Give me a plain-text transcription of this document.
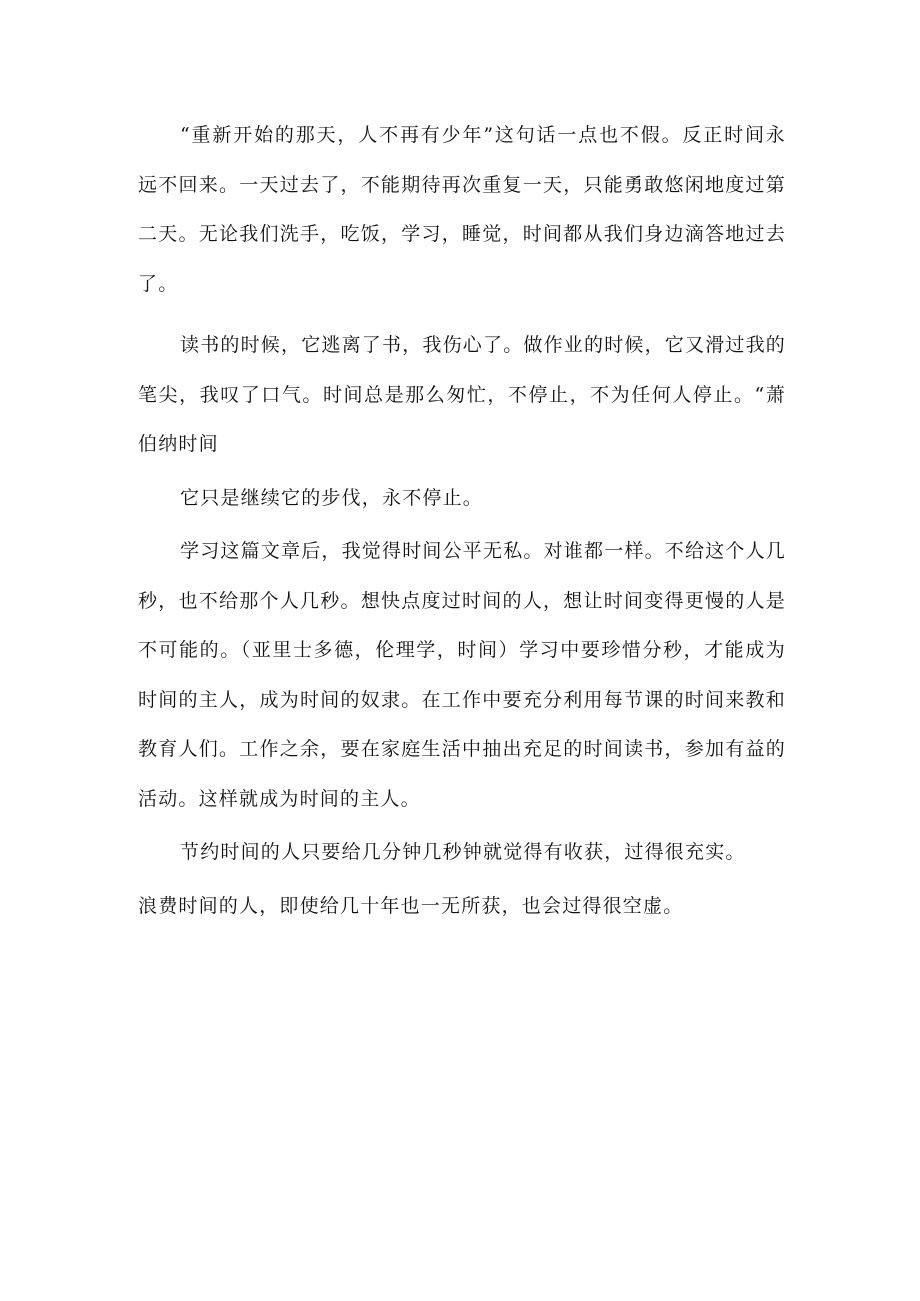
“重新开始的那天，人不再有少年”这句话一点也不假。反正时间永远不回来。一天过去了，不能期待再次重复一天，只能勇敢悠闲地度过第二天。无论我们洗手，吃饭，学习，睡觉，时间都从我们身边滴答地过去了。

读书的时候，它逃离了书，我伤心了。做作业的时候，它又滑过我的笔尖，我叹了口气。时间总是那么匆忙，不停止，不为任何人停止。“萧伯纳时间

它只是继续它的步伐，永不停止。

学习这篇文章后，我觉得时间公平无私。对谁都一样。不给这个人几秒，也不给那个人几秒。想快点度过时间的人，想让时间变得更慢的人是不可能的。（亚里士多德，伦理学，时间）学习中要珍惜分秒，才能成为时间的主人，成为时间的奴隶。在工作中要充分利用每节课的时间来教和教育人们。工作之余，要在家庭生活中抽出充足的时间读书，参加有益的活动。这样就成为时间的主人。

节约时间的人只要给几分钟几秒钟就觉得有收获，过得很充实。

浪费时间的人，即使给几十年也一无所获，也会过得很空虚。
